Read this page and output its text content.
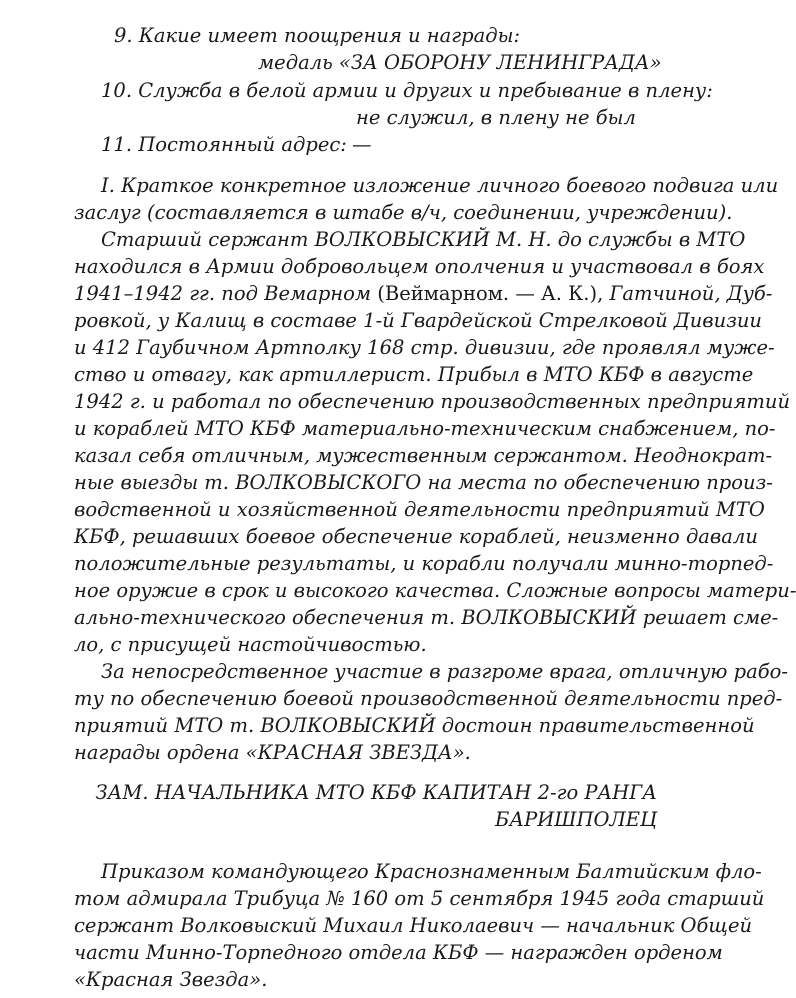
9. Какие имеет поощрения и награды:
медаль «ЗА ОБОРОНУ ЛЕНИНГРАДА»
10. Служба в белой армии и других и пребывание в плену:
не служил, в плену не был
11. Постоянный адрес: —
I. Краткое конкретное изложение личного боевого подвига или
заслуг (составляется в штабе в/ч, соединении, учреждении).
Старший сержант ВОЛКОВЫСКИЙ М. Н. до службы в МТО
находился в Армии добровольцем ополчения и участвовал в боях
1941–1942 гг. под Вемарном (Веймарном. — А. К.), Гатчиной, Дуб-
ровкой, у Калищ в составе 1-й Гвардейской Стрелковой Дивизии
и 412 Гаубичном Артполку 168 стр. дивизии, где проявлял муже-
ство и отвагу, как артиллерист. Прибыл в МТО КБФ в августе
1942 г. и работал по обеспечению производственных предприятий
и кораблей МТО КБФ материально-техническим снабжением, по-
казал себя отличным, мужественным сержантом. Неоднократ-
ные выезды т. ВОЛКОВЫСКОГО на места по обеспечению произ-
водственной и хозяйственной деятельности предприятий МТО
КБФ, решавших боевое обеспечение кораблей, неизменно давали
положительные результаты, и корабли получали минно-торпед-
ное оружие в срок и высокого качества. Сложные вопросы матери-
ально-технического обеспечения т. ВОЛКОВЫСКИЙ решает сме-
ло, с присущей настойчивостью.
За непосредственное участие в разгроме врага, отличную рабо-
ту по обеспечению боевой производственной деятельности пред-
приятий МТО т. ВОЛКОВЫСКИЙ достоин правительственной
награды ордена «КРАСНАЯ ЗВЕЗДА».
ЗАМ. НАЧАЛЬНИКА МТО КБФ КАПИТАН 2-го РАНГА
БАРИШПОЛЕЦ
Приказом командующего Краснознаменным Балтийским фло-
том адмирала Трибуца № 160 от 5 сентября 1945 года старший
сержант Волковыский Михаил Николаевич — начальник Общей
части Минно-Торпедного отдела КБФ — награжден орденом
«Красная Звезда».
